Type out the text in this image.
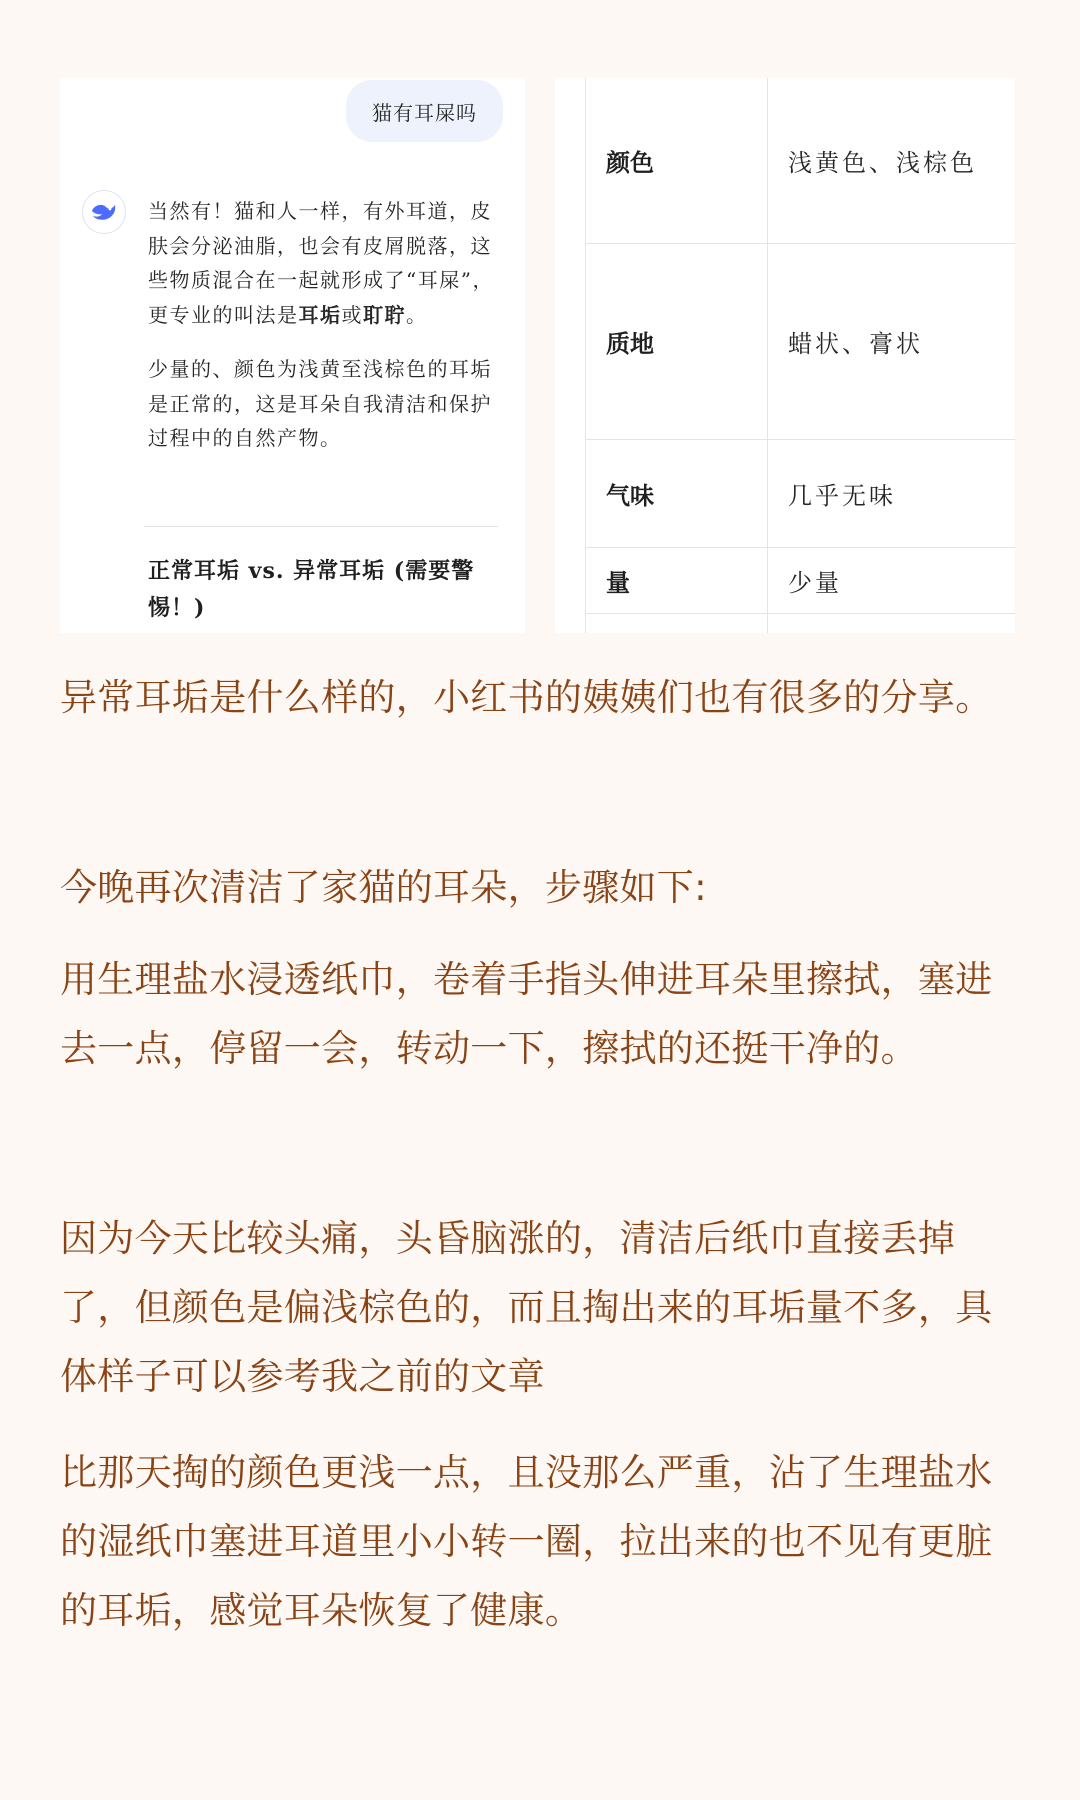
猫有耳屎吗

当然有！猫和人一样，有外耳道，皮肤会分泌油脂，也会有皮屑脱落，这些物质混合在一起就形成了“耳屎”，更专业的叫法是耳垢或耵聍。

少量的、颜色为浅黄至浅棕色的耳垢是正常的，这是耳朵自我清洁和保护过程中的自然产物。

正常耳垢 vs. 异常耳垢 (需要警惕！)
颜色	浅黄色、浅棕色
质地	蜡状、膏状
气味	几乎无味
量	少量

异常耳垢是什么样的，小红书的姨姨们也有很多的分享。

今晚再次清洁了家猫的耳朵，步骤如下:

用生理盐水浸透纸巾，卷着手指头伸进耳朵里擦拭，塞进去一点，停留一会，转动一下，擦拭的还挺干净的。

因为今天比较头痛，头昏脑涨的，清洁后纸巾直接丢掉了，但颜色是偏浅棕色的，而且掏出来的耳垢量不多，具体样子可以参考我之前的文章

比那天掏的颜色更浅一点，且没那么严重，沾了生理盐水的湿纸巾塞进耳道里小小转一圈，拉出来的也不见有更脏的耳垢，感觉耳朵恢复了健康。
